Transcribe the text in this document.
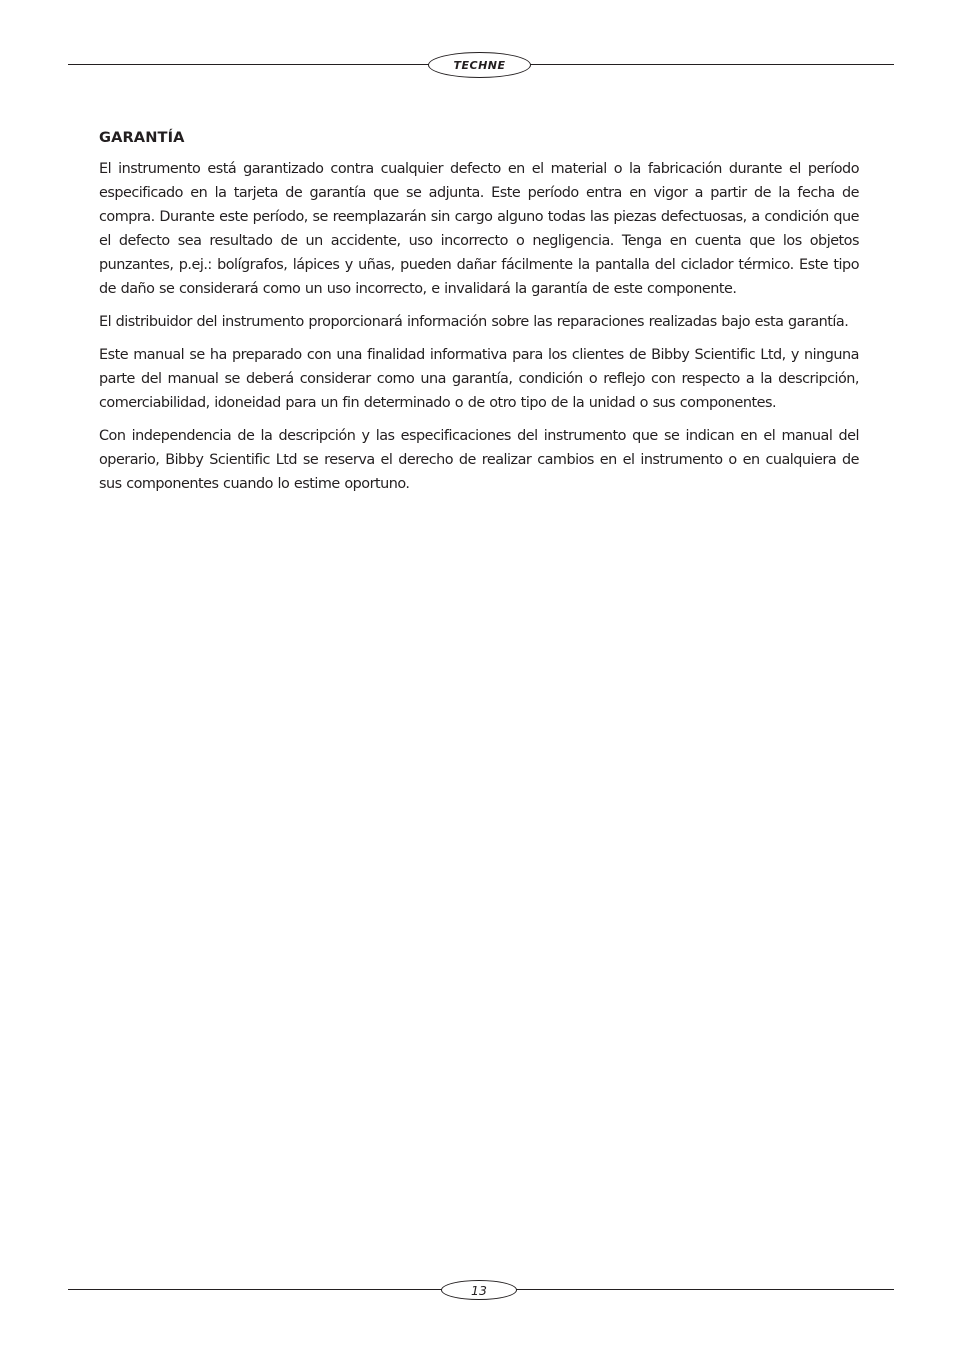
TECHNE
GARANTÍA

El instrumento está garantizado contra cualquier defecto en el material o la fabricación durante el período especificado en la tarjeta de garantía que se adjunta. Este período entra en vigor a partir de la fecha de compra. Durante este período, se reemplazarán sin cargo alguno todas las piezas defectuosas, a condición que el defecto sea resultado de un accidente, uso incorrecto o negligencia. Tenga en cuenta que los objetos punzantes, p.ej.: bolígrafos, lápices y uñas, pueden dañar fácilmente la pantalla del ciclador térmico. Este tipo de daño se considerará como un uso incorrecto, e invalidará la garantía de este componente.

El distribuidor del instrumento proporcionará información sobre las reparaciones realizadas bajo esta garantía.

Este manual se ha preparado con una finalidad informativa para los clientes de Bibby Scientific Ltd, y ninguna parte del manual se deberá considerar como una garantía, condición o reflejo con respecto a la descripción, comerciabilidad, idoneidad para un fin determinado o de otro tipo de la unidad o sus componentes.

Con independencia de la descripción y las especificaciones del instrumento que se indican en el manual del operario, Bibby Scientific Ltd se reserva el derecho de realizar cambios en el instrumento o en cualquiera de sus componentes cuando lo estime oportuno.

13
